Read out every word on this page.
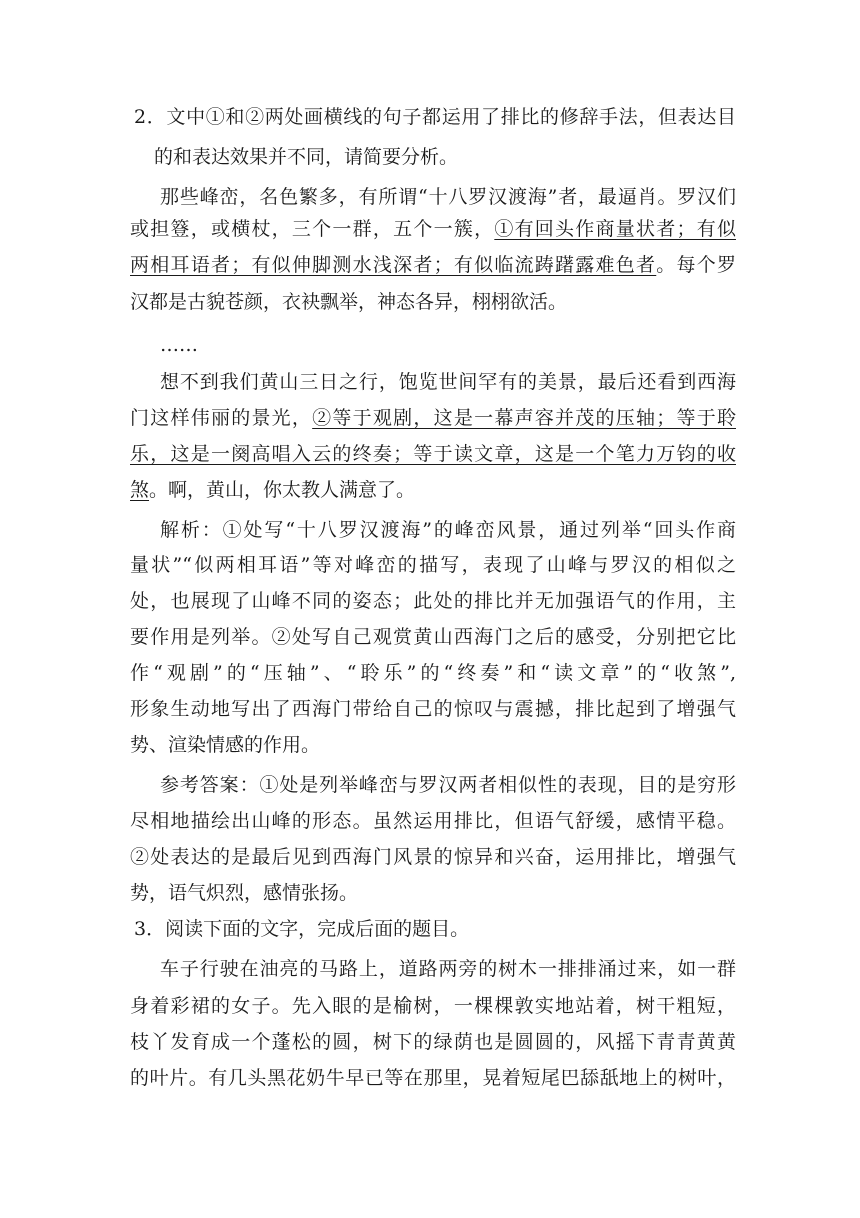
2．文中①和②两处画横线的句子都运用了排比的修辞手法，但表达目
的和表达效果并不同，请简要分析。
那些峰峦，名色繁多，有所谓“十八罗汉渡海”者，最逼肖。罗汉们
或担簦，或横杖，三个一群，五个一簇，①有回头作商量状者；有似
两相耳语者；有似伸脚测水浅深者；有似临流踌躇露难色者。每个罗
汉都是古貌苍颜，衣袂飘举，神态各异，栩栩欲活。
……
想不到我们黄山三日之行，饱览世间罕有的美景，最后还看到西海
门这样伟丽的景光，②等于观剧，这是一幕声容并茂的压轴；等于聆
乐，这是一阕高唱入云的终奏；等于读文章，这是一个笔力万钧的收
煞。啊，黄山，你太教人满意了。
解析：①处写“十八罗汉渡海”的峰峦风景，通过列举“回头作商
量状”“似两相耳语”等对峰峦的描写，表现了山峰与罗汉的相似之
处，也展现了山峰不同的姿态；此处的排比并无加强语气的作用，主
要作用是列举。②处写自己观赏黄山西海门之后的感受，分别把它比
作“观剧”的“压轴”、“聆乐”的“终奏”和“读文章”的“收煞”,
形象生动地写出了西海门带给自己的惊叹与震撼，排比起到了增强气
势、渲染情感的作用。
参考答案：①处是列举峰峦与罗汉两者相似性的表现，目的是穷形
尽相地描绘出山峰的形态。虽然运用排比，但语气舒缓，感情平稳。
②处表达的是最后见到西海门风景的惊异和兴奋，运用排比，增强气
势，语气炽烈，感情张扬。
3．阅读下面的文字，完成后面的题目。
车子行驶在油亮的马路上，道路两旁的树木一排排涌过来，如一群
身着彩裙的女子。先入眼的是榆树，一棵棵敦实地站着，树干粗短，
枝丫发育成一个蓬松的圆，树下的绿荫也是圆圆的，风摇下青青黄黄
的叶片。有几头黑花奶牛早已等在那里，晃着短尾巴舔舐地上的树叶，
